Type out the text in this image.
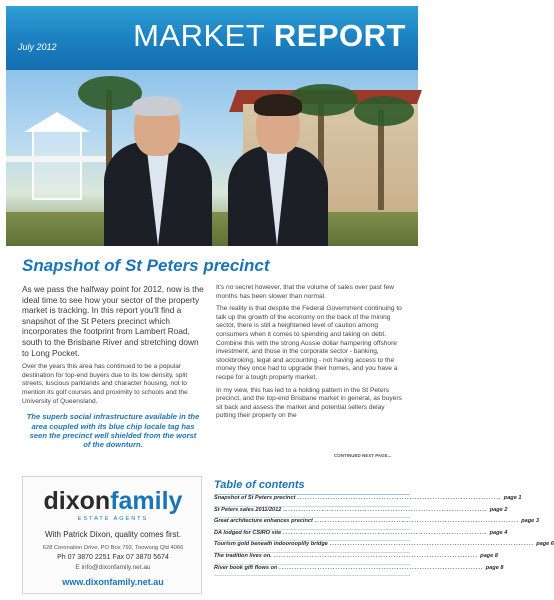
July 2012 MARKET REPORT
Snapshot of St Peters precinct

As we pass the halfway point for 2012, now is the ideal time to see how your sector of the property market is tracking. In this report you'll find a snapshot of the St Peters precinct which incorporates the footprint from Lambert Road, south to the Brisbane River and stretching down to Long Pocket.

Over the years this area has continued to be a popular destination for top-end buyers due to its low density, split streets, luscious parklands and character housing, not to mention its golf courses and proximity to schools and the University of Queensland.

The superb social infrastructure available in the area coupled with its blue chip locale tag has seen the precinct well shielded from the worst of the downturn.

It's no secret however, that the volume of sales over past few months has been slower than normal.

The reality is that despite the Federal Government continuing to talk up the growth of the economy on the back of the mining sector, there is still a heightened level of caution among consumers when it comes to spending and taking on debt. Combine this with the strong Aussie dollar hampering offshore investment, and those in the corporate sector - banking, stockbroking, legal and accounting - not having access to the money they once had to upgrade their homes, and you have a recipe for a tough property market.

In my view, this has led to a holding pattern in the St Peters precinct, and the top-end Brisbane market in general, as buyers sit back and assess the market and potential sellers delay putting their property on the

CONTINUED NEXT PAGE...
dixonfamily
ESTATE AGENTS
With Patrick Dixon, quality comes first.
628 Coronation Drive, PO Box 792, Toowong Qld 4066
Ph 07 3870 2251 Fax 07 3870 5674
E info@dixonfamily.net.au
www.dixonfamily.net.au
Table of contents
Snapshot of St Peters precinct ................................................................................ page 1
St Peters sales 2011/2012 ................................................................................ page 2
Great architecture enhances precinct ................................................................................ page 3
DA lodged for CSIRO site ................................................................................ page 4
Tourism gold beneath indooroopilly bridge ................................................................................ page 6
The tradition lives on. ................................................................................ page 8
River book gift flows on ................................................................................ page 8
